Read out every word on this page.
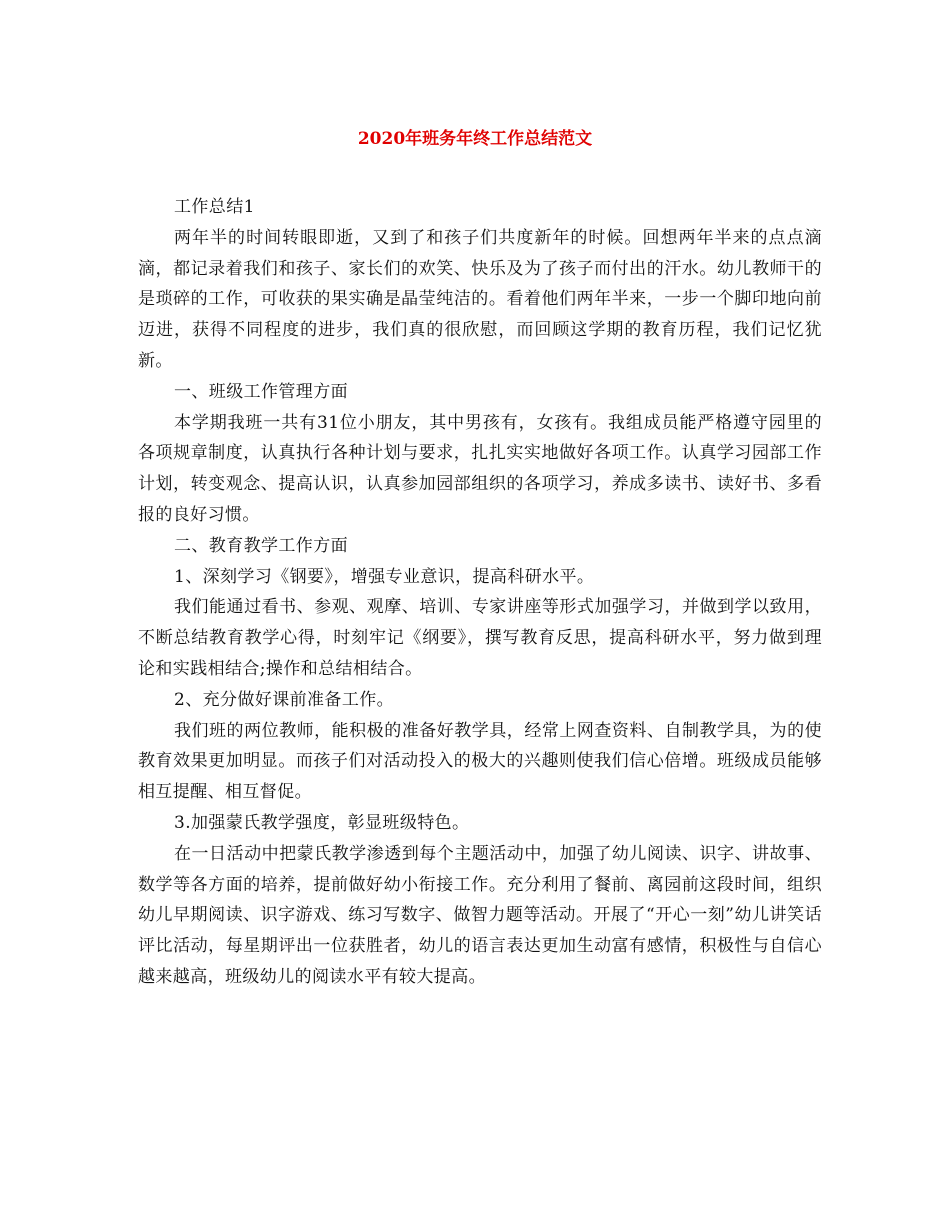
2020年班务年终工作总结范文

工作总结1

两年半的时间转眼即逝，又到了和孩子们共度新年的时候。回想两年半来的点点滴滴，都记录着我们和孩子、家长们的欢笑、快乐及为了孩子而付出的汗水。幼儿教师干的是琐碎的工作，可收获的果实确是晶莹纯洁的。看着他们两年半来，一步一个脚印地向前迈进，获得不同程度的进步，我们真的很欣慰，而回顾这学期的教育历程，我们记忆犹新。

一、班级工作管理方面

本学期我班一共有31位小朋友，其中男孩有，女孩有。我组成员能严格遵守园里的各项规章制度，认真执行各种计划与要求，扎扎实实地做好各项工作。认真学习园部工作计划，转变观念、提高认识，认真参加园部组织的各项学习，养成多读书、读好书、多看报的良好习惯。

二、教育教学工作方面

1、深刻学习《钢要》，增强专业意识，提高科研水平。

我们能通过看书、参观、观摩、培训、专家讲座等形式加强学习，并做到学以致用，不断总结教育教学心得，时刻牢记《纲要》，撰写教育反思，提高科研水平，努力做到理论和实践相结合;操作和总结相结合。

2、充分做好课前准备工作。

我们班的两位教师，能积极的准备好教学具，经常上网查资料、自制教学具，为的使教育效果更加明显。而孩子们对活动投入的极大的兴趣则使我们信心倍增。班级成员能够相互提醒、相互督促。

3.加强蒙氏教学强度，彰显班级特色。

在一日活动中把蒙氏教学渗透到每个主题活动中，加强了幼儿阅读、识字、讲故事、数学等各方面的培养，提前做好幼小衔接工作。充分利用了餐前、离园前这段时间，组织幼儿早期阅读、识字游戏、练习写数字、做智力题等活动。开展了“开心一刻”幼儿讲笑话评比活动，每星期评出一位获胜者，幼儿的语言表达更加生动富有感情，积极性与自信心越来越高，班级幼儿的阅读水平有较大提高。
